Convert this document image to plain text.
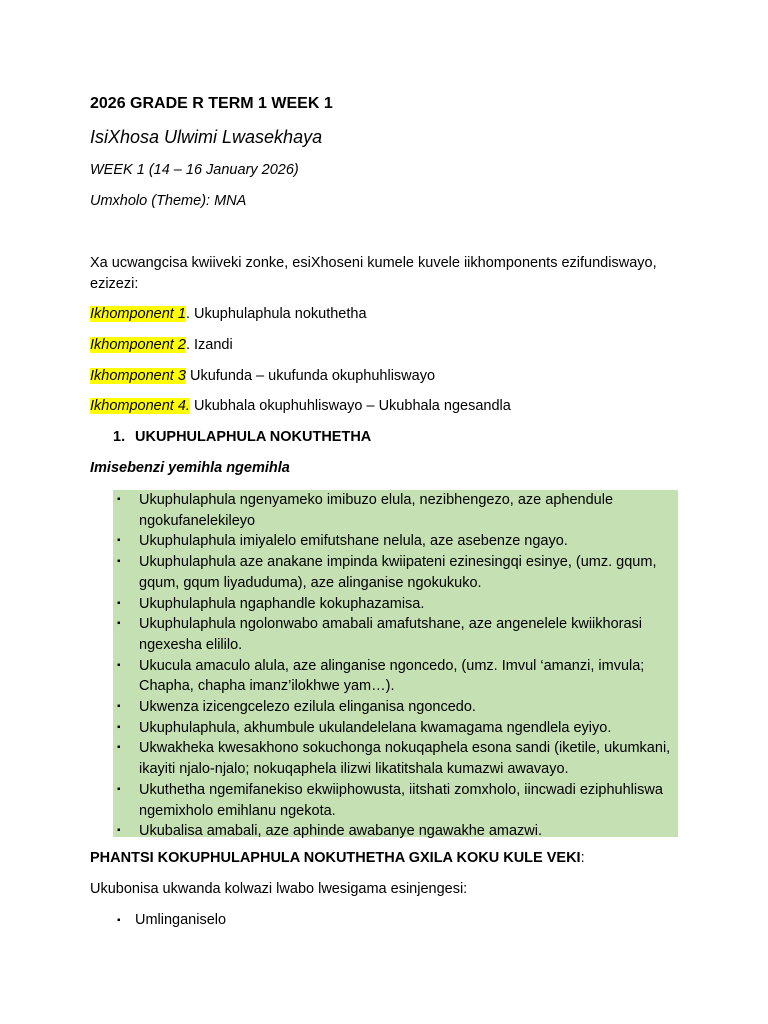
2026 GRADE R TERM 1 WEEK 1
IsiXhosa Ulwimi Lwasekhaya
WEEK 1 (14 – 16 January 2026)
Umxholo (Theme): MNA
Xa ucwangcisa kwiiveki zonke, esiXhoseni kumele kuvele iikhomponents ezifundiswayo, ezizezi:
Ikhomponent 1. Ukuphulaphula nokuthetha
Ikhomponent 2. Izandi
Ikhomponent 3 Ukufunda – ukufunda okuphuhliswayo
Ikhomponent 4. Ukubhala okuphuhliswayo – Ukubhala ngesandla
1. UKUPHULAPHULA NOKUTHETHA
Imisebenzi yemihla ngemihla
▪ Ukuphulaphula ngenyameko imibuzo elula, nezibhengezo, aze aphendule ngokufanelekileyo
▪ Ukuphulaphula imiyalelo emifutshane nelula, aze asebenze ngayo.
▪ Ukuphulaphula aze anakane impinda kwiipateni ezinesingqi esinye, (umz. gqum, gqum, gqum liyaduduma), aze alinganise ngokukuko.
▪ Ukuphulaphula ngaphandle kokuphazamisa.
▪ Ukuphulaphula ngolonwabo amabali amafutshane, aze angenelele kwiikhorasi ngexesha elililo.
▪ Ukucula amaculo alula, aze alinganise ngoncedo, (umz. Imvul ‘amanzi, imvula; Chapha, chapha imanz’ilokhwe yam…).
▪ Ukwenza izicengcelezo ezilula elinganisa ngoncedo.
▪ Ukuphulaphula, akhumbule ukulandelelana kwamagama ngendlela eyiyo.
▪ Ukwakheka kwesakhono sokuchonga nokuqaphela esona sandi (iketile, ukumkani, ikayiti njalo-njalo; nokuqaphela ilizwi likatitshala kumazwi awavayo.
▪ Ukuthetha ngemifanekiso ekwiiphowusta, iitshati zomxholo, iincwadi eziphuhliswa ngemixholo emihlanu ngekota.
▪ Ukubalisa amabali, aze aphinde awabanye ngawakhe amazwi.
PHANTSI KOKUPHULAPHULA NOKUTHETHA GXILA KOKU KULE VEKI:
Ukubonisa ukwanda kolwazi lwabo lwesigama esinjengesi:
▪ Umlinganiselo
